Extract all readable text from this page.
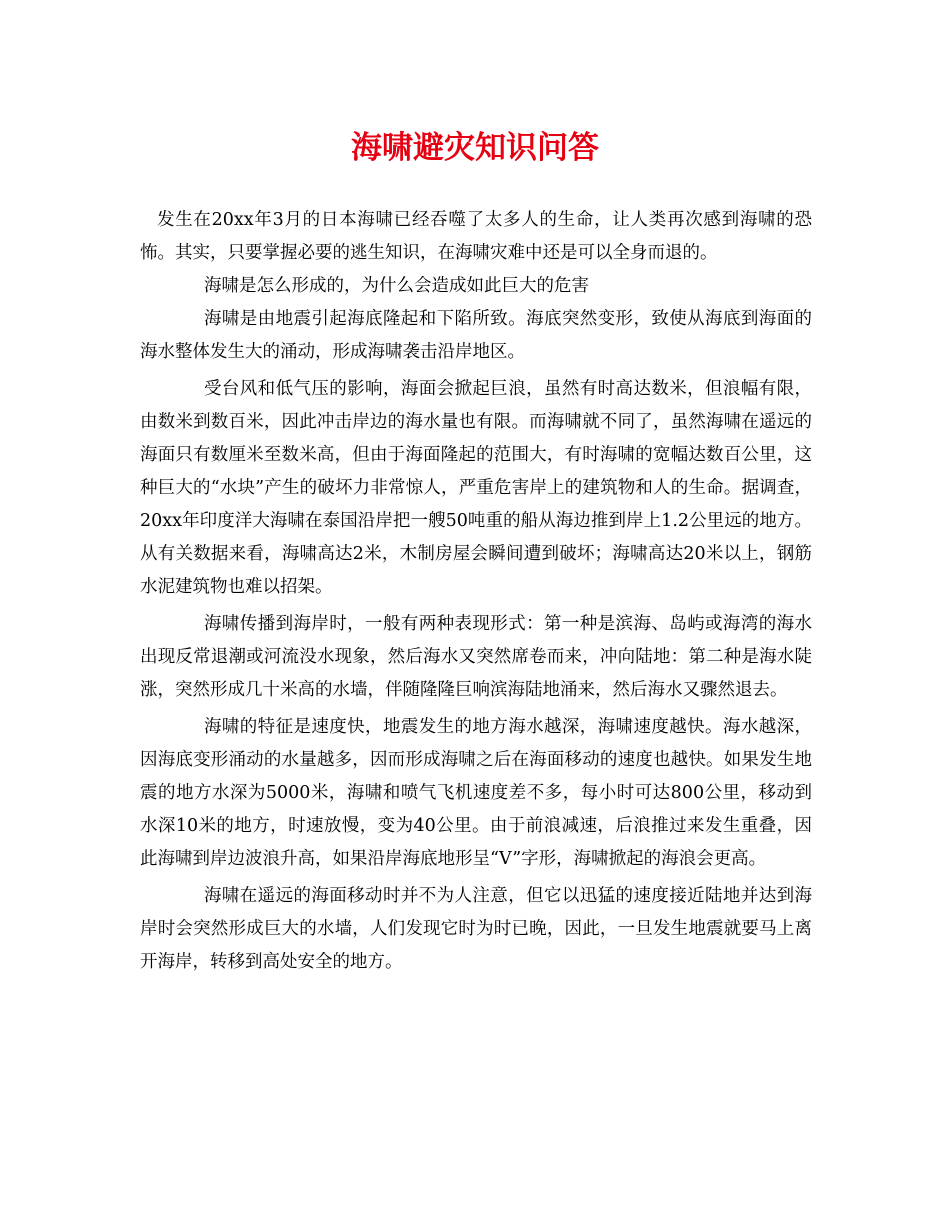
海啸避灾知识问答

发生在20xx年3月的日本海啸已经吞噬了太多人的生命，让人类再次感到海啸的恐怖。其实，只要掌握必要的逃生知识，在海啸灾难中还是可以全身而退的。

海啸是怎么形成的，为什么会造成如此巨大的危害

海啸是由地震引起海底隆起和下陷所致。海底突然变形，致使从海底到海面的海水整体发生大的涌动，形成海啸袭击沿岸地区。

受台风和低气压的影响，海面会掀起巨浪，虽然有时高达数米，但浪幅有限，由数米到数百米，因此冲击岸边的海水量也有限。而海啸就不同了，虽然海啸在遥远的海面只有数厘米至数米高，但由于海面隆起的范围大，有时海啸的宽幅达数百公里，这种巨大的“水块”产生的破坏力非常惊人，严重危害岸上的建筑物和人的生命。据调查，20xx年印度洋大海啸在泰国沿岸把一艘50吨重的船从海边推到岸上1.2公里远的地方。从有关数据来看，海啸高达2米，木制房屋会瞬间遭到破坏；海啸高达20米以上，钢筋水泥建筑物也难以招架。

海啸传播到海岸时，一般有两种表现形式：第一种是滨海、岛屿或海湾的海水出现反常退潮或河流没水现象，然后海水又突然席卷而来，冲向陆地：第二种是海水陡涨，突然形成几十米高的水墙，伴随隆隆巨响滨海陆地涌来，然后海水又骤然退去。

海啸的特征是速度快，地震发生的地方海水越深，海啸速度越快。海水越深，因海底变形涌动的水量越多，因而形成海啸之后在海面移动的速度也越快。如果发生地震的地方水深为5000米，海啸和喷气飞机速度差不多，每小时可达800公里，移动到水深10米的地方，时速放慢，变为40公里。由于前浪减速，后浪推过来发生重叠，因此海啸到岸边波浪升高，如果沿岸海底地形呈“V”字形，海啸掀起的海浪会更高。

海啸在遥远的海面移动时并不为人注意，但它以迅猛的速度接近陆地并达到海岸时会突然形成巨大的水墙，人们发现它时为时已晚，因此，一旦发生地震就要马上离开海岸，转移到高处安全的地方。
